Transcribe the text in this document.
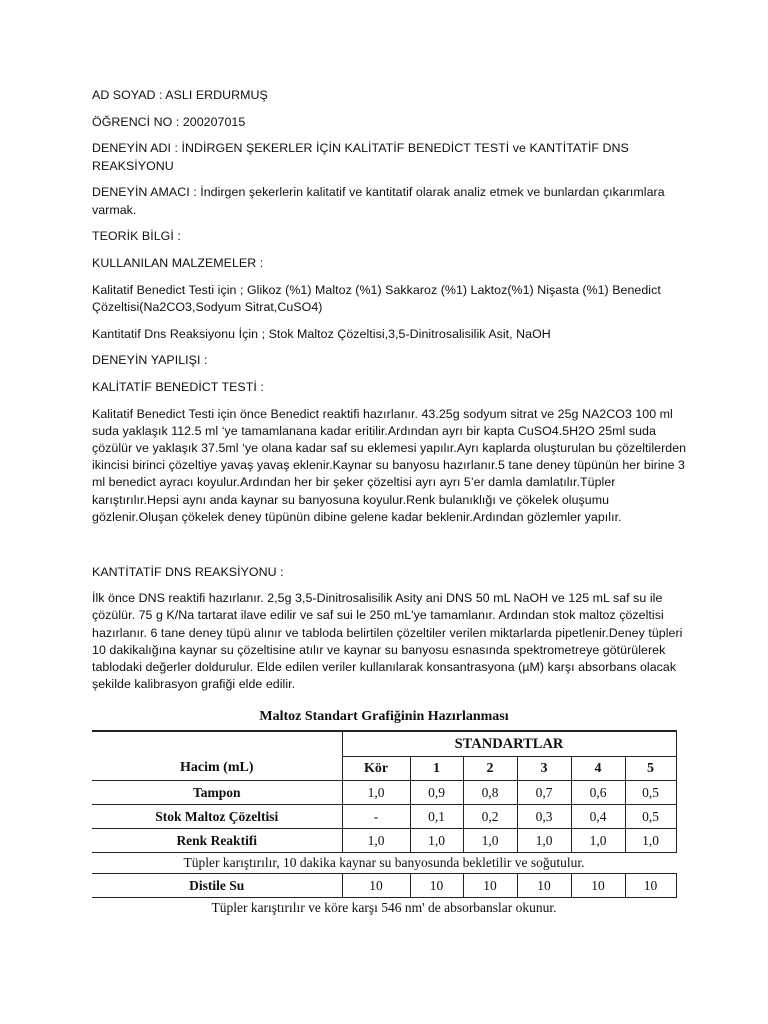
AD SOYAD : ASLI ERDURMUŞ

ÖĞRENCİ NO : 200207015

DENEYİN ADI : İNDİRGEN ŞEKERLER İÇİN KALİTATİF BENEDİCT TESTİ ve KANTİTATİF DNS REAKSİYONU

DENEYİN AMACI : İndirgen şekerlerin kalitatif ve kantitatif olarak analiz etmek ve bunlardan çıkarımlara varmak.

TEORİK BİLGİ :

KULLANILAN MALZEMELER :

Kalitatif Benedict Testi için ; Glikoz (%1) Maltoz (%1) Sakkaroz (%1) Laktoz(%1) Nişasta (%1) Benedict Çözeltisi(Na2CO3,Sodyum Sitrat,CuSO4)

Kantitatif Dns Reaksiyonu İçin ; Stok Maltoz Çözeltisi,3,5-Dinitrosalisilik Asit, NaOH

DENEYİN YAPILIŞI :

KALİTATİF BENEDİCT TESTİ :

Kalitatif Benedict Testi için önce Benedict reaktifi hazırlanır. 43.25g sodyum sitrat ve 25g NA2CO3 100 ml suda yaklaşık 112.5 ml ‘ye tamamlanana kadar eritilir.Ardından ayrı bir kapta CuSO4.5H2O 25ml suda çözülür ve yaklaşık 37.5ml ‘ye olana kadar saf su eklemesi yapılır.Ayrı kaplarda oluşturulan bu çözeltilerden ikincisi birinci çözeltiye yavaş yavaş eklenir.Kaynar su banyosu hazırlanır.5 tane deney tüpünün her birine 3 ml benedict ayracı koyulur.Ardından her bir şeker çözeltisi ayrı ayrı 5’er damla damlatılır.Tüpler karıştırılır.Hepsi aynı anda kaynar su banyosuna koyulur.Renk bulanıklığı ve çökelek oluşumu gözlenir.Oluşan çökelek deney tüpünün dibine gelene kadar beklenir.Ardından gözlemler yapılır.

KANTİTATİF DNS REAKSİYONU :

İlk önce DNS reaktifi hazırlanır. 2,5g 3,5-Dinitrosalisilik Asity ani DNS 50 mL NaOH ve 125 mL saf su ile çözülür. 75 g K/Na tartarat ilave edilir ve saf sui le 250 mL'ye tamamlanır. Ardından stok maltoz çözeltisi hazırlanır. 6 tane deney tüpü alınır ve tabloda belirtilen çözeltiler verilen miktarlarda pipetlenir.Deney tüpleri 10 dakikalığına kaynar su çözeltisine atılır ve kaynar su banyosu esnasında spektrometreye götürülerek tablodaki değerler doldurulur. Elde edilen veriler kullanılarak konsantrasyona (µM) karşı absorbans olacak şekilde kalibrasyon grafiği elde edilir.

Maltoz Standart Grafiğinin Hazırlanması
	STANDARTLAR					
Hacim (mL)	Kör	1	2	3	4	5
Tampon	1,0	0,9	0,8	0,7	0,6	0,5
Stok Maltoz Çözeltisi	-	0,1	0,2	0,3	0,4	0,5
Renk Reaktifi	1,0	1,0	1,0	1,0	1,0	1,0
Tüpler karıştırılır, 10 dakika kaynar su banyosunda bekletilir ve soğutulur.						
Distile Su	10	10	10	10	10	10
Tüpler karıştırılır ve köre karşı 546 nm' de absorbanslar okunur.
